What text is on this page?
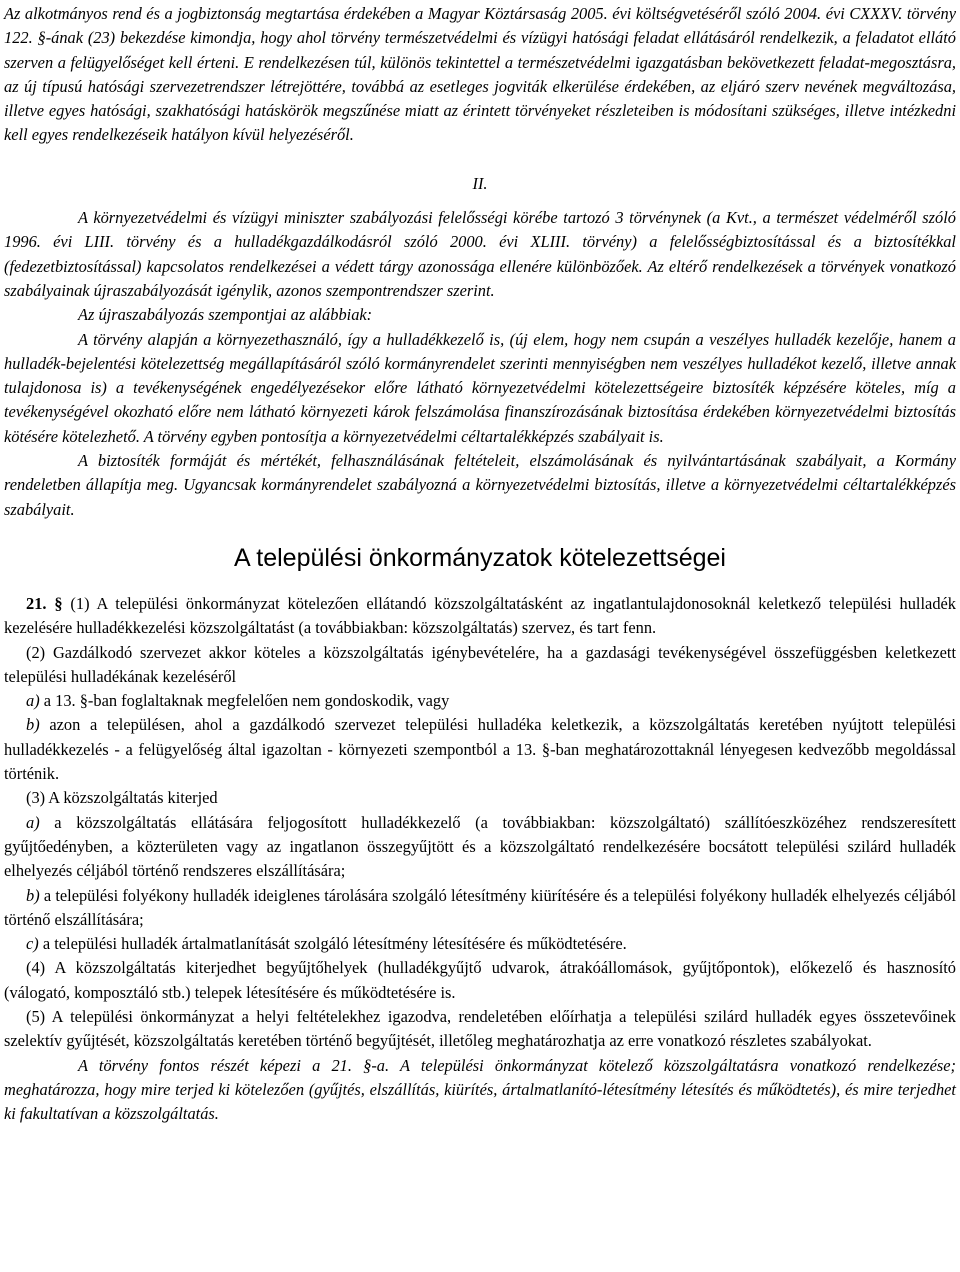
Az alkotmányos rend és a jogbiztonság megtartása érdekében a Magyar Köztársaság 2005. évi költségvetéséről szóló 2004. évi CXXXV. törvény 122. §-ának (23) bekezdése kimondja, hogy ahol törvény természetvédelmi és vízügyi hatósági feladat ellátásáról rendelkezik, a feladatot ellátó szerven a felügyelőséget kell érteni. E rendelkezésen túl, különös tekintettel a természetvédelmi igazgatásban bekövetkezett feladat-megosztásra, az új típusú hatósági szervezetrendszer létrejöttére, továbbá az esetleges jogviták elkerülése érdekében, az eljáró szerv nevének megváltozása, illetve egyes hatósági, szakhatósági hatáskörök megszűnése miatt az érintett törvényeket részleteiben is módosítani szükséges, illetve intézkedni kell egyes rendelkezéseik hatályon kívül helyezéséről.

II.

A környezetvédelmi és vízügyi miniszter szabályozási felelősségi körébe tartozó 3 törvénynek (a Kvt., a természet védelméről szóló 1996. évi LIII. törvény és a hulladékgazdálkodásról szóló 2000. évi XLIII. törvény) a felelősségbiztosítással és a biztosítékkal (fedezetbiztosítással) kapcsolatos rendelkezései a védett tárgy azonossága ellenére különbözőek. Az eltérő rendelkezések a törvények vonatkozó szabályainak újraszabályozását igénylik, azonos szempontrendszer szerint.

Az újraszabályozás szempontjai az alábbiak:

A törvény alapján a környezethasználó, így a hulladékkezelő is, (új elem, hogy nem csupán a veszélyes hulladék kezelője, hanem a hulladék-bejelentési kötelezettség megállapításáról szóló kormányrendelet szerinti mennyiségben nem veszélyes hulladékot kezelő, illetve annak tulajdonosa is) a tevékenységének engedélyezésekor előre látható környezetvédelmi kötelezettségeire biztosíték képzésére köteles, míg a tevékenységével okozható előre nem látható környezeti károk felszámolása finanszírozásának biztosítása érdekében környezetvédelmi biztosítás kötésére kötelezhető. A törvény egyben pontosítja a környezetvédelmi céltartalékképzés szabályait is.

A biztosíték formáját és mértékét, felhasználásának feltételeit, elszámolásának és nyilvántartásának szabályait, a Kormány rendeletben állapítja meg. Ugyancsak kormányrendelet szabályozná a környezetvédelmi biztosítás, illetve a környezetvédelmi céltartalékképzés szabályait.

A települési önkormányzatok kötelezettségei

21. § (1) A települési önkormányzat kötelezően ellátandó közszolgáltatásként az ingatlantulajdonosoknál keletkező települési hulladék kezelésére hulladékkezelési közszolgáltatást (a továbbiakban: közszolgáltatás) szervez, és tart fenn.

(2) Gazdálkodó szervezet akkor köteles a közszolgáltatás igénybevételére, ha a gazdasági tevékenységével összefüggésben keletkezett települési hulladékának kezeléséről

a) a 13. §-ban foglaltaknak megfelelően nem gondoskodik, vagy

b) azon a településen, ahol a gazdálkodó szervezet települési hulladéka keletkezik, a közszolgáltatás keretében nyújtott települési hulladékkezelés - a felügyelőség által igazoltan - környezeti szempontból a 13. §-ban meghatározottaknál lényegesen kedvezőbb megoldással történik.

(3) A közszolgáltatás kiterjed

a) a közszolgáltatás ellátására feljogosított hulladékkezelő (a továbbiakban: közszolgáltató) szállítóeszközéhez rendszeresített gyűjtőedényben, a közterületen vagy az ingatlanon összegyűjtött és a közszolgáltató rendelkezésére bocsátott települési szilárd hulladék elhelyezés céljából történő rendszeres elszállítására;

b) a települési folyékony hulladék ideiglenes tárolására szolgáló létesítmény kiürítésére és a települési folyékony hulladék elhelyezés céljából történő elszállítására;

c) a települési hulladék ártalmatlanítását szolgáló létesítmény létesítésére és működtetésére.

(4) A közszolgáltatás kiterjedhet begyűjtőhelyek (hulladékgyűjtő udvarok, átrakóállomások, gyűjtőpontok), előkezelő és hasznosító (válogató, komposztáló stb.) telepek létesítésére és működtetésére is.

(5) A települési önkormányzat a helyi feltételekhez igazodva, rendeletében előírhatja a települési szilárd hulladék egyes összetevőinek szelektív gyűjtését, közszolgáltatás keretében történő begyűjtését, illetőleg meghatározhatja az erre vonatkozó részletes szabályokat.

A törvény fontos részét képezi a 21. §-a. A települési önkormányzat kötelező közszolgáltatásra vonatkozó rendelkezése; meghatározza, hogy mire terjed ki kötelezően (gyűjtés, elszállítás, kiürítés, ártalmatlanító-létesítmény létesítés és működtetés), és mire terjedhet ki fakultatívan a közszolgáltatás.
